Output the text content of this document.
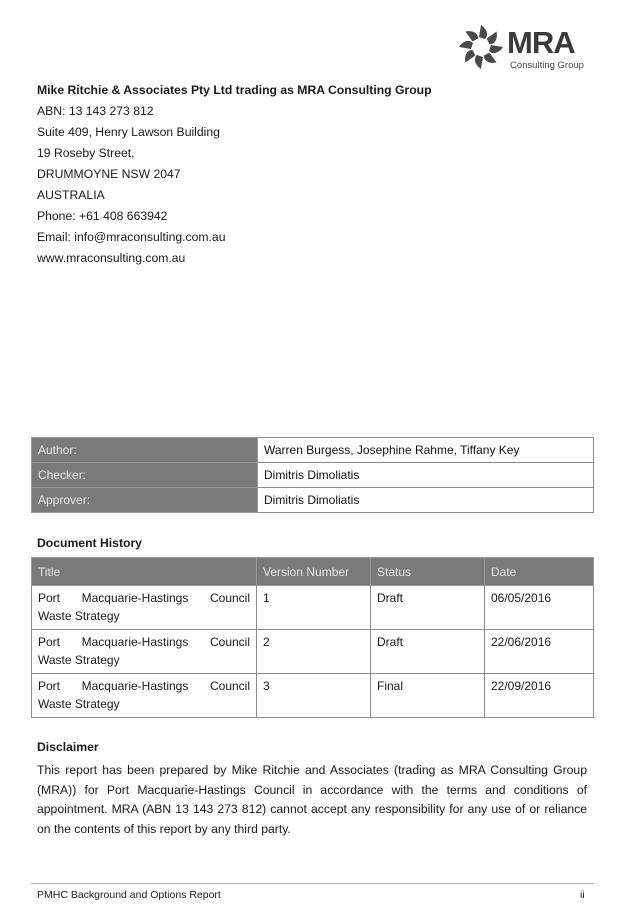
MRA
Consulting Group
Mike Ritchie & Associates Pty Ltd trading as MRA Consulting Group
ABN: 13 143 273 812
Suite 409, Henry Lawson Building
19 Roseby Street,
DRUMMOYNE NSW 2047
AUSTRALIA
Phone: +61 408 663942
Email: info@mraconsulting.com.au
www.mraconsulting.com.au
Author:	Warren Burgess, Josephine Rahme, Tiffany Key
Checker:	Dimitris Dimoliatis
Approver:	Dimitris Dimoliatis
Document History
Title	Version Number	Status	Date
Port Macquarie-Hastings Council Waste Strategy	1	Draft	06/05/2016
Port Macquarie-Hastings Council Waste Strategy	2	Draft	22/06/2016
Port Macquarie-Hastings Council Waste Strategy	3	Final	22/09/2016
Disclaimer
This report has been prepared by Mike Ritchie and Associates (trading as MRA Consulting Group (MRA)) for Port Macquarie-Hastings Council in accordance with the terms and conditions of appointment. MRA (ABN 13 143 273 812) cannot accept any responsibility for any use of or reliance on the contents of this report by any third party.
PMHC Background and Options Report	ii
